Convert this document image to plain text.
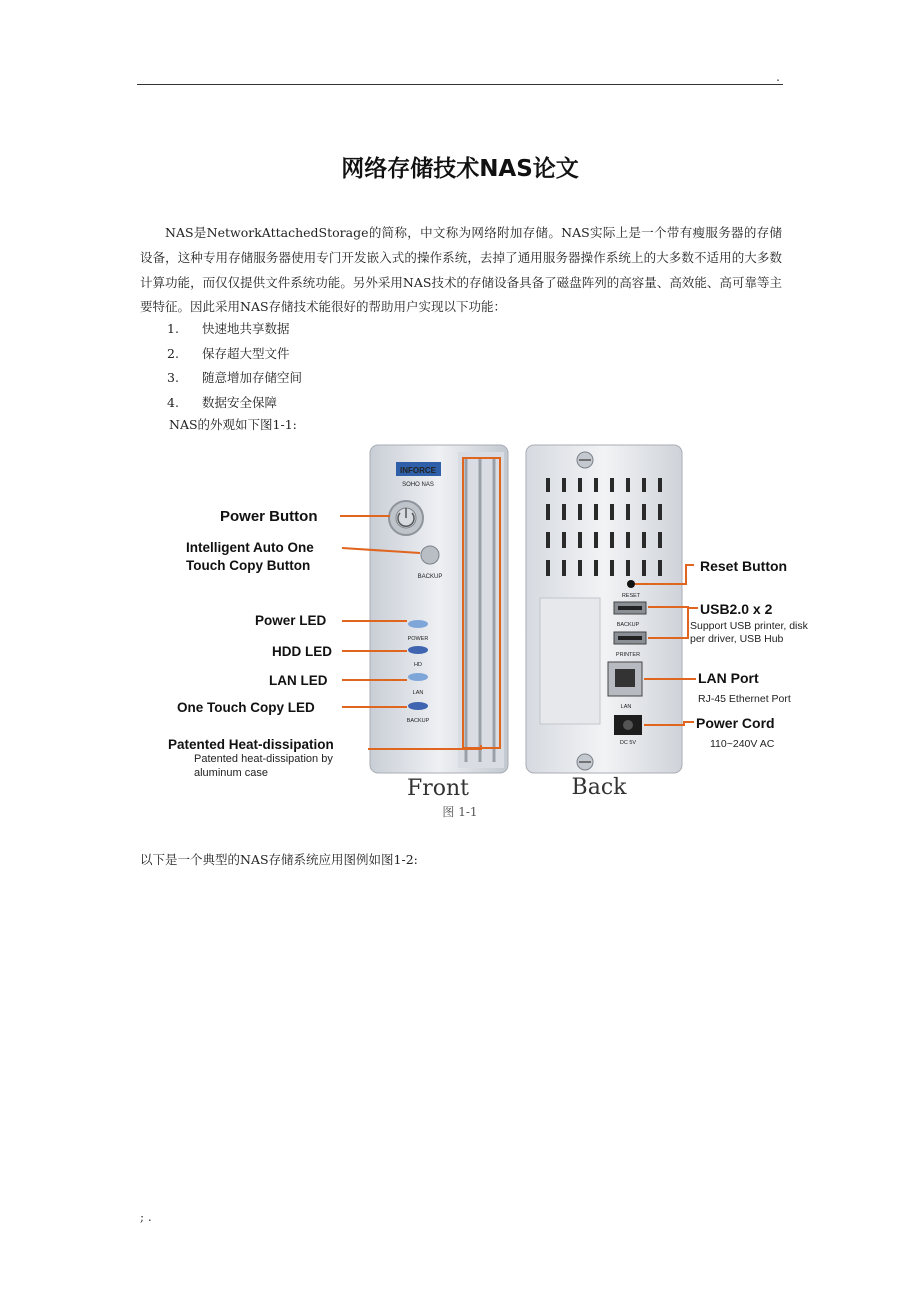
.
网络存储技术NAS论文

NAS是NetworkAttachedStorage的简称，中文称为网络附加存储。NAS实际上是一个带有瘦服务器的存储设备，这种专用存储服务器使用专门开发嵌入式的操作系统，去掉了通用服务器操作系统上的大多数不适用的大多数计算功能，而仅仅提供文件系统功能。另外采用NAS技术的存储设备具备了磁盘阵列的高容量、高效能、高可靠等主要特征。因此采用NAS存储技术能很好的帮助用户实现以下功能：

1.	快速地共享数据
2.	保存超大型文件
3.	随意增加存储空间
4.	数据安全保障
NAS的外观如下图1-1:
INFORCE
SOHO NAS
BACKUP
POWER
HD
LAN
BACKUP
Power Button
Intelligent Auto One
Touch Copy Button
Power LED
HDD LED
LAN LED
One Touch Copy LED
Patented Heat-dissipation
Patented heat-dissipation by
aluminum case
Front
RESET
BACKUP
PRINTER
LAN
DC 5V
Reset Button
USB2.0 x 2
Support USB printer, disk
per driver, USB Hub
LAN Port
RJ-45 Ethernet Port
Power Cord
110~240V AC
Back
图 1-1
以下是一个典型的NAS存储系统应用图例如图1-2:
; .
